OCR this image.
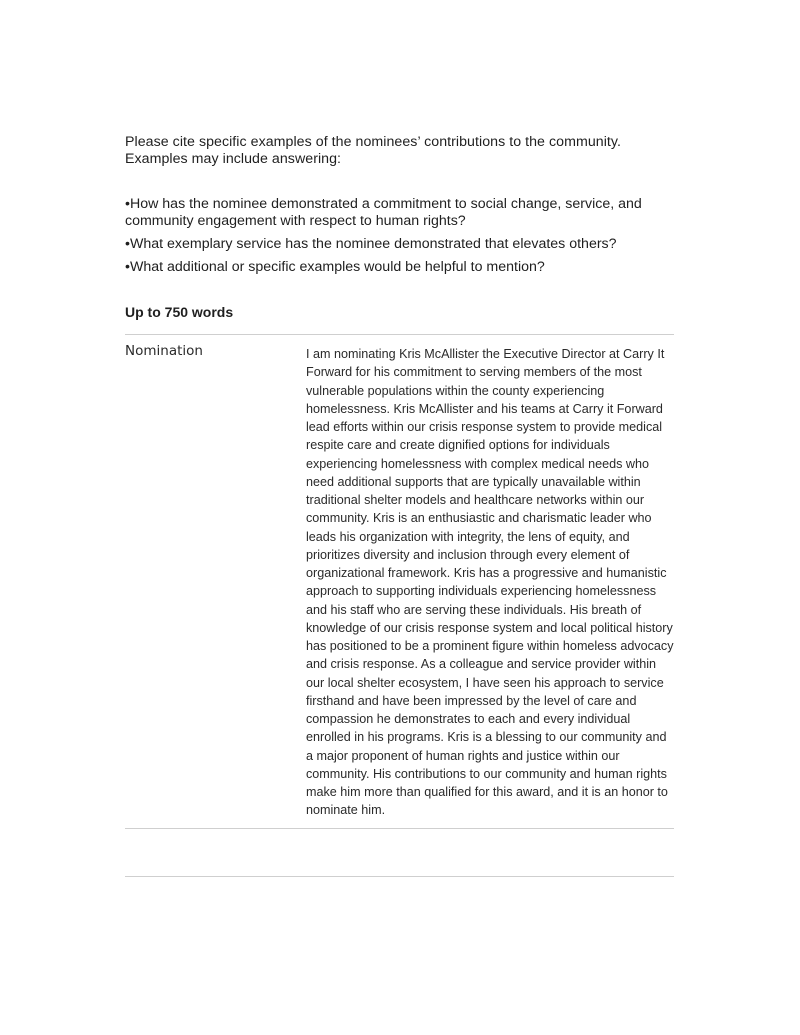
Please cite specific examples of the nominees’ contributions to the community. Examples may include answering:

•How has the nominee demonstrated a commitment to social change, service, and community engagement with respect to human rights?

•What exemplary service has the nominee demonstrated that elevates others?

•What additional or specific examples would be helpful to mention?

Up to 750 words
Nomination	I am nominating Kris McAllister the Executive Director at Carry It Forward for his commitment to serving members of the most vulnerable populations within the county experiencing homelessness. Kris McAllister and his teams at Carry it Forward lead efforts within our crisis response system to provide medical respite care and create dignified options for individuals experiencing homelessness with complex medical needs who need additional supports that are typically unavailable within traditional shelter models and healthcare networks within our community. Kris is an enthusiastic and charismatic leader who leads his organization with integrity, the lens of equity, and prioritizes diversity and inclusion through every element of organizational framework. Kris has a progressive and humanistic approach to supporting individuals experiencing homelessness and his staff who are serving these individuals. His breath of knowledge of our crisis response system and local political history has positioned to be a prominent figure within homeless advocacy and crisis response. As a colleague and service provider within our local shelter ecosystem, I have seen his approach to service firsthand and have been impressed by the level of care and compassion he demonstrates to each and every individual enrolled in his programs. Kris is a blessing to our community and a major proponent of human rights and justice within our community. His contributions to our community and human rights make him more than qualified for this award, and it is an honor to nominate him.
